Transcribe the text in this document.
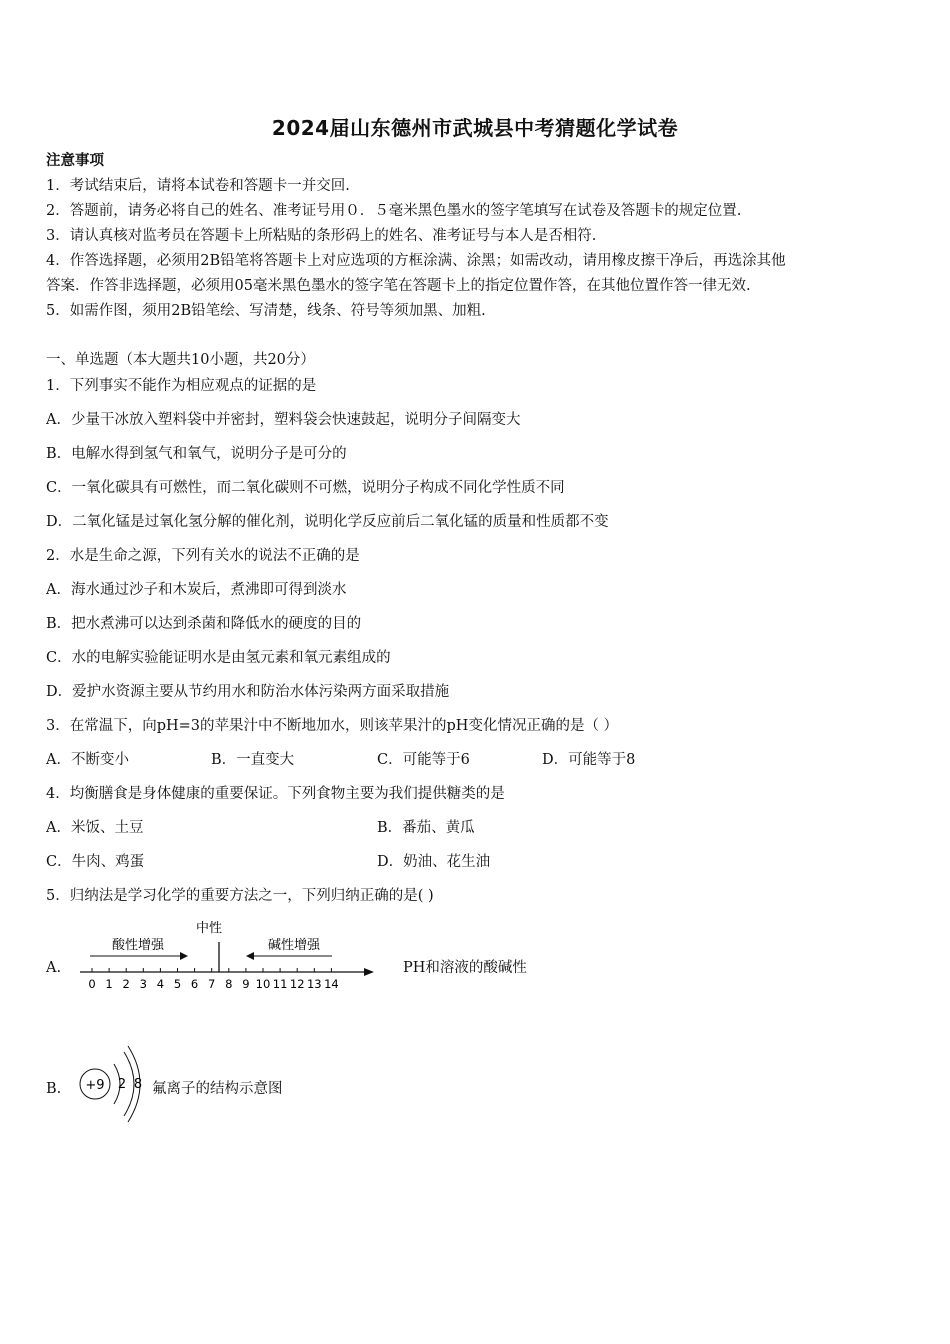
2024届山东德州市武城县中考猜题化学试卷
注意事项
1．考试结束后，请将本试卷和答题卡一并交回.
2．答题前，请务必将自己的姓名、准考证号用０．５毫米黑色墨水的签字笔填写在试卷及答题卡的规定位置.
3．请认真核对监考员在答题卡上所粘贴的条形码上的姓名、准考证号与本人是否相符.
4．作答选择题，必须用2B铅笔将答题卡上对应选项的方框涂满、涂黑；如需改动，请用橡皮擦干净后，再选涂其他
答案．作答非选择题，必须用05毫米黑色墨水的签字笔在答题卡上的指定位置作答，在其他位置作答一律无效.
5．如需作图，须用2B铅笔绘、写清楚，线条、符号等须加黑、加粗.
一、单选题（本大题共10小题，共20分）
1．下列事实不能作为相应观点的证据的是
A．少量干冰放入塑料袋中并密封，塑料袋会快速鼓起，说明分子间隔变大
B．电解水得到氢气和氧气，说明分子是可分的
C．一氧化碳具有可燃性，而二氧化碳则不可燃，说明分子构成不同化学性质不同
D．二氧化锰是过氧化氢分解的催化剂，说明化学反应前后二氧化锰的质量和性质都不变
2．水是生命之源，下列有关水的说法不正确的是
A．海水通过沙子和木炭后，煮沸即可得到淡水
B．把水煮沸可以达到杀菌和降低水的硬度的目的
C．水的电解实验能证明水是由氢元素和氧元素组成的
D．爱护水资源主要从节约用水和防治水体污染两方面采取措施
3．在常温下，向pH=3的苹果汁中不断地加水，则该苹果汁的pH变化情况正确的是（ ）
A．不断变小	B．一直变大	C．可能等于6	D．可能等于8
4．均衡膳食是身体健康的重要保证。下列食物主要为我们提供糖类的是
A．米饭、土豆	B．番茄、黄瓜
C．牛肉、鸡蛋	D．奶油、花生油
5．归纳法是学习化学的重要方法之一，下列归纳正确的是( )
A.
中性
酸性增强	碱性增强
0 1 2 3 4 5 6 7 8 9 10 11 12 13 14
PH和溶液的酸碱性
B. +9 2 8 氟离子的结构示意图
